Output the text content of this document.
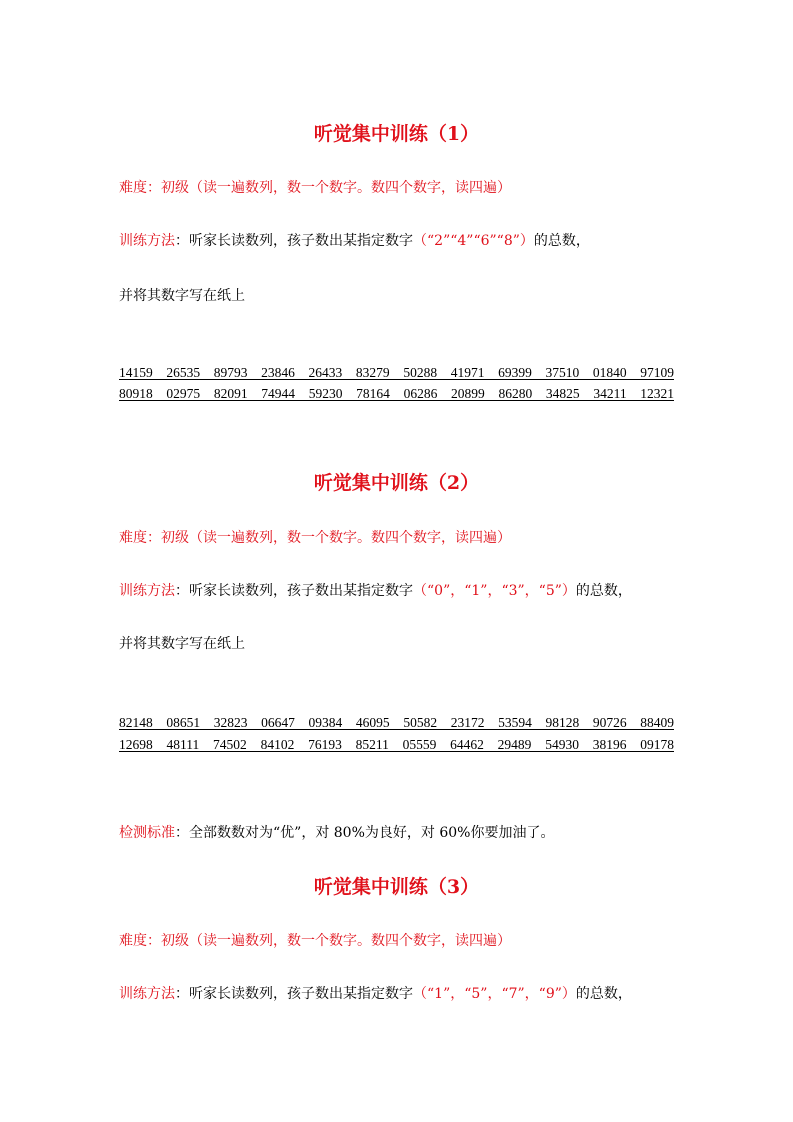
听觉集中训练（1）
难度：初级（读一遍数列，数一个数字。数四个数字，读四遍）
训练方法：听家长读数列，孩子数出某指定数字（“2”“4”“6”“8”）的总数，
并将其数字写在纸上
14159 26535 89793 23846 26433 83279 50288 41971 69399 37510 01840 97109
80918 02975 82091 74944 59230 78164 06286 20899 86280 34825 34211 12321
听觉集中训练（2）
难度：初级（读一遍数列，数一个数字。数四个数字，读四遍）
训练方法：听家长读数列，孩子数出某指定数字（“0”，“1”，“3”，“5”）的总数，
并将其数字写在纸上
82148 08651 32823 06647 09384 46095 50582 23172 53594 98128 90726 88409
12698 48111 74502 84102 76193 85211 05559 64462 29489 54930 38196 09178
检测标准：全部数数对为“优”，对 80%为良好，对 60%你要加油了。
听觉集中训练（3）
难度：初级（读一遍数列，数一个数字。数四个数字，读四遍）
训练方法：听家长读数列，孩子数出某指定数字（“1”，“5”，“7”，“9”）的总数，
